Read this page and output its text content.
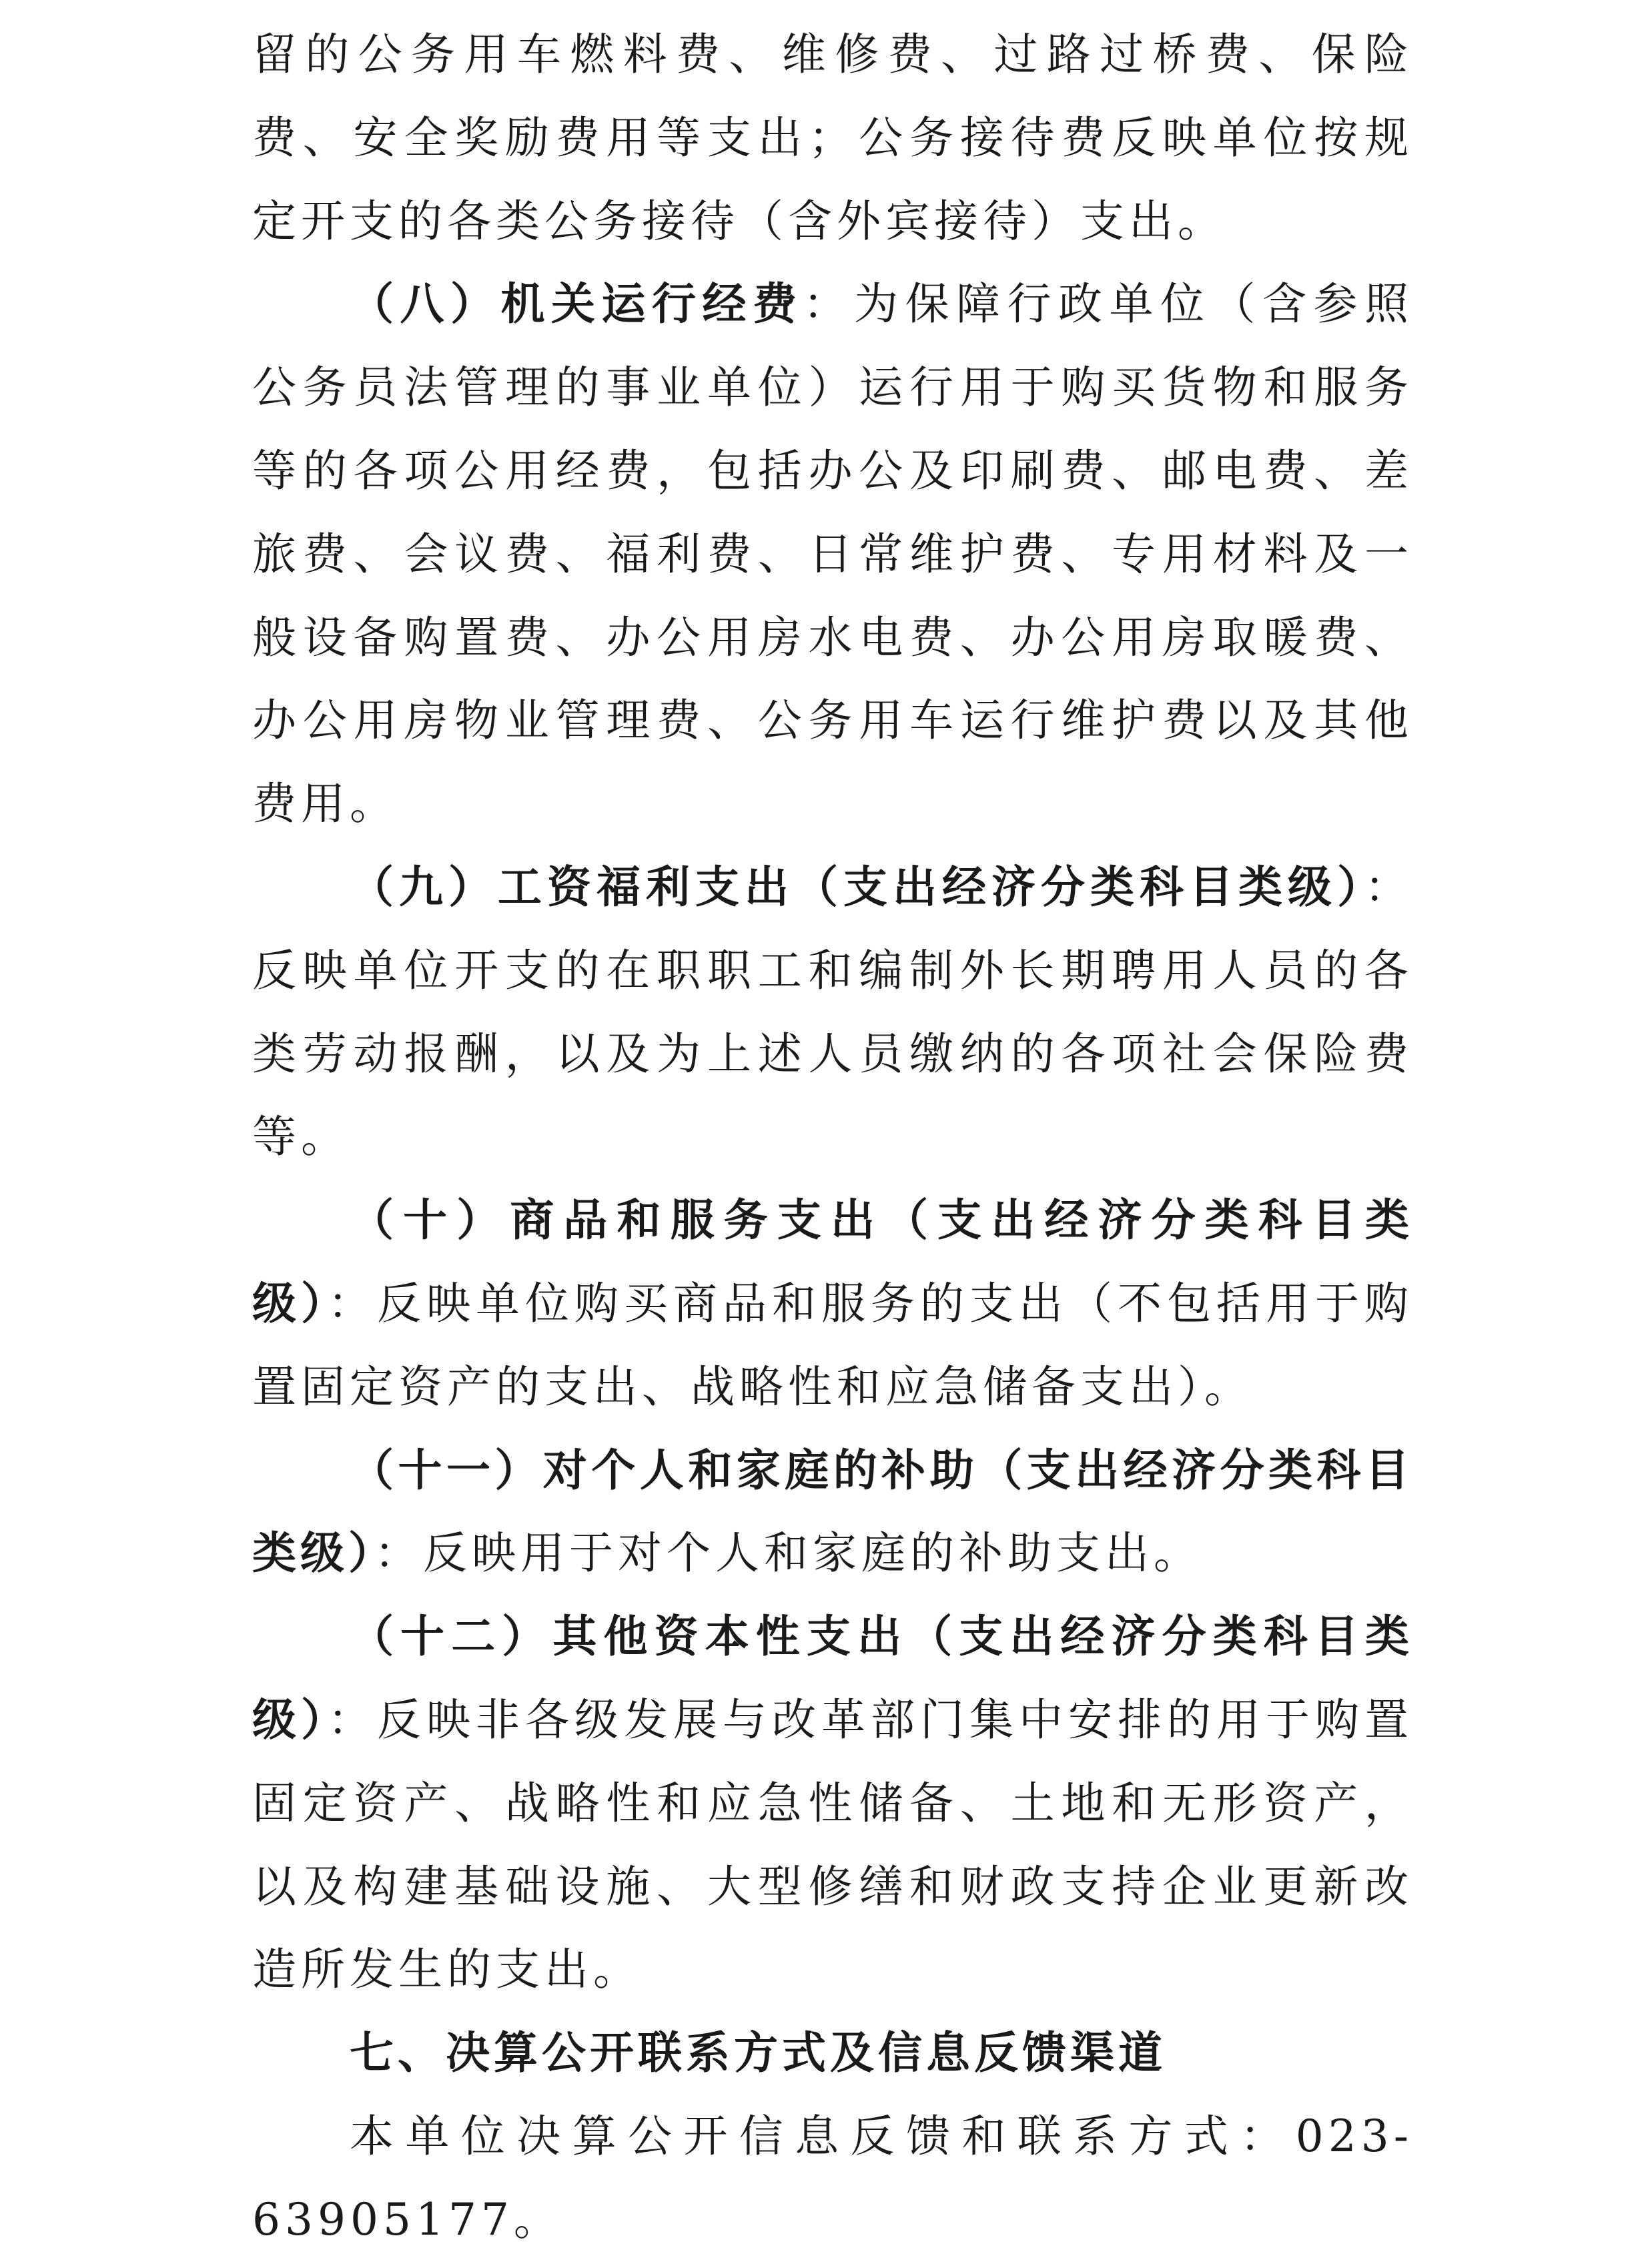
留的公务用车燃料费、维修费、过路过桥费、保险费、安全奖励费用等支出；公务接待费反映单位按规定开支的各类公务接待（含外宾接待）支出。

（八）机关运行经费：为保障行政单位（含参照公务员法管理的事业单位）运行用于购买货物和服务等的各项公用经费，包括办公及印刷费、邮电费、差旅费、会议费、福利费、日常维护费、专用材料及一般设备购置费、办公用房水电费、办公用房取暖费、办公用房物业管理费、公务用车运行维护费以及其他费用。

（九）工资福利支出（支出经济分类科目类级）：反映单位开支的在职职工和编制外长期聘用人员的各类劳动报酬，以及为上述人员缴纳的各项社会保险费等。

（十）商品和服务支出（支出经济分类科目类级）：反映单位购买商品和服务的支出（不包括用于购置固定资产的支出、战略性和应急储备支出）。

（十一）对个人和家庭的补助（支出经济分类科目类级）：反映用于对个人和家庭的补助支出。

（十二）其他资本性支出（支出经济分类科目类级）：反映非各级发展与改革部门集中安排的用于购置固定资产、战略性和应急性储备、土地和无形资产，以及构建基础设施、大型修缮和财政支持企业更新改造所发生的支出。

七、决算公开联系方式及信息反馈渠道

本单位决算公开信息反馈和联系方式：023-63905177。
